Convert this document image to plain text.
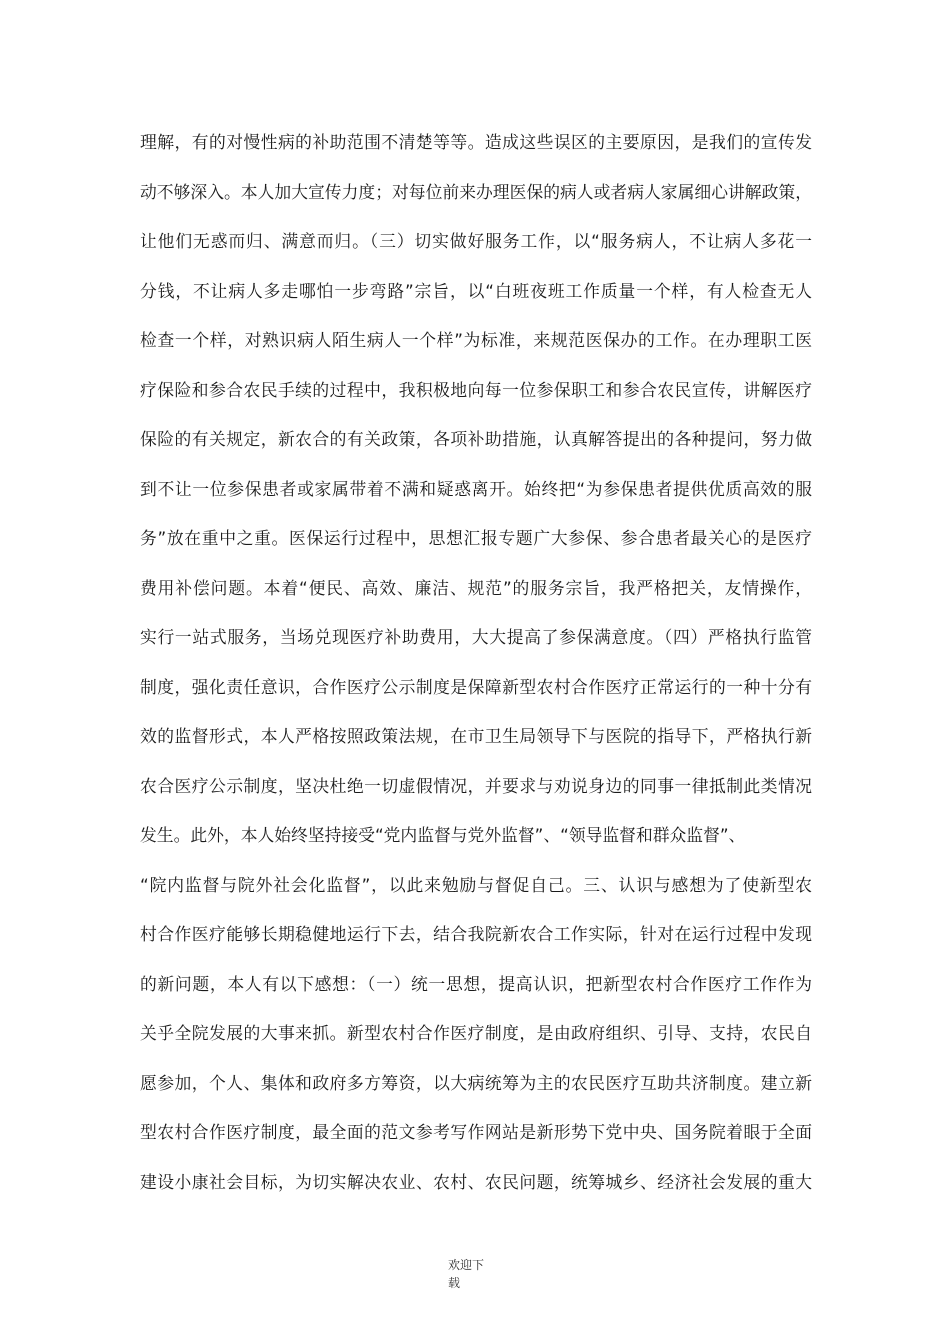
理解，有的对慢性病的补助范围不清楚等等。造成这些误区的主要原因，是我们的宣传发
动不够深入。本人加大宣传力度；对每位前来办理医保的病人或者病人家属细心讲解政策，
让他们无惑而归、满意而归。（三）切实做好服务工作，以“服务病人，不让病人多花一
分钱，不让病人多走哪怕一步弯路”宗旨，以“白班夜班工作质量一个样，有人检查无人
检查一个样，对熟识病人陌生病人一个样”为标准，来规范医保办的工作。在办理职工医
疗保险和参合农民手续的过程中，我积极地向每一位参保职工和参合农民宣传，讲解医疗
保险的有关规定，新农合的有关政策，各项补助措施，认真解答提出的各种提问，努力做
到不让一位参保患者或家属带着不满和疑惑离开。始终把“为参保患者提供优质高效的服
务”放在重中之重。医保运行过程中，思想汇报专题广大参保、参合患者最关心的是医疗
费用补偿问题。本着“便民、高效、廉洁、规范”的服务宗旨，我严格把关，友情操作，
实行一站式服务，当场兑现医疗补助费用，大大提高了参保满意度。（四）严格执行监管
制度，强化责任意识，合作医疗公示制度是保障新型农村合作医疗正常运行的一种十分有
效的监督形式，本人严格按照政策法规，在市卫生局领导下与医院的指导下，严格执行新
农合医疗公示制度，坚决杜绝一切虚假情况，并要求与劝说身边的同事一律抵制此类情况
发生。此外，本人始终坚持接受“党内监督与党外监督”、“领导监督和群众监督”、
“院内监督与院外社会化监督”，以此来勉励与督促自己。三、认识与感想为了使新型农
村合作医疗能够长期稳健地运行下去，结合我院新农合工作实际，针对在运行过程中发现
的新问题，本人有以下感想：（一）统一思想，提高认识，把新型农村合作医疗工作作为
关乎全院发展的大事来抓。新型农村合作医疗制度，是由政府组织、引导、支持，农民自
愿参加，个人、集体和政府多方筹资，以大病统筹为主的农民医疗互助共济制度。建立新
型农村合作医疗制度，最全面的范文参考写作网站是新形势下党中央、国务院着眼于全面
建设小康社会目标，为切实解决农业、农村、农民问题，统筹城乡、经济社会发展的重大
欢迎下
载
